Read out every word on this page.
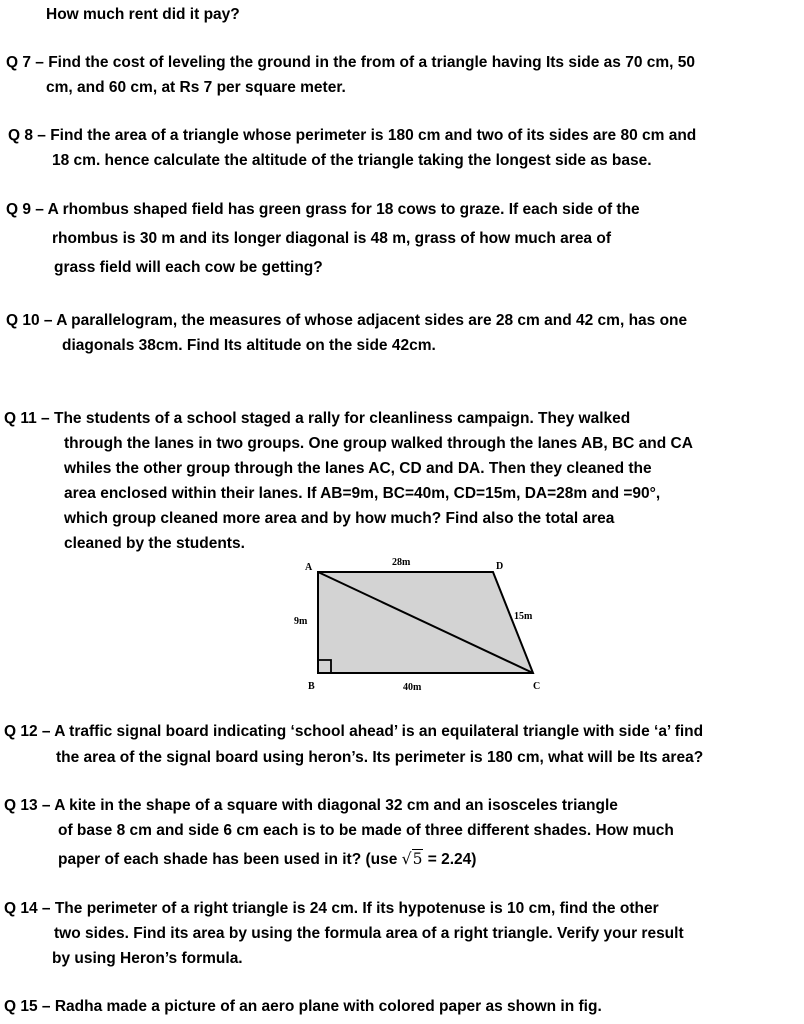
How much rent did it pay?
Q 7 – Find the cost of leveling the ground in the from of a triangle having Its side as 70 cm, 50
cm, and 60 cm, at Rs 7 per square meter.
Q 8 – Find the area of a triangle whose perimeter is 180 cm and two of its sides are 80 cm and
18 cm. hence calculate the altitude of the triangle taking the longest side as base.
Q 9 – A rhombus shaped field has green grass for 18 cows to graze. If each side of the
rhombus is 30 m and its longer diagonal is 48 m, grass of how much area of
grass field will each cow be getting?
Q 10 – A parallelogram, the measures of whose adjacent sides are 28 cm and 42 cm, has one
diagonals 38cm. Find Its altitude on the side 42cm.
Q 11 – The students of a school staged a rally for cleanliness campaign. They walked
through the lanes in two groups. One group walked through the lanes AB, BC and CA
whiles the other group through the lanes AC, CD and DA. Then they cleaned the
area enclosed within their lanes. If AB=9m, BC=40m, CD=15m, DA=28m and =90°,
which group cleaned more area and by how much? Find also the total area
cleaned by the students.
A	D
B	C
28m
9m	15m
40m
Q 12 – A traffic signal board indicating ‘school ahead’ is an equilateral triangle with side ‘a’ find
the area of the signal board using heron’s. Its perimeter is 180 cm, what will be Its area?
Q 13 – A kite in the shape of a square with diagonal 32 cm and an isosceles triangle
of base 8 cm and side 6 cm each is to be made of three different shades. How much
paper of each shade has been used in it? (use √5 = 2.24)
Q 14 – The perimeter of a right triangle is 24 cm. If its hypotenuse is 10 cm, find the other
two sides. Find its area by using the formula area of a right triangle. Verify your result
by using Heron’s formula.
Q 15 – Radha made a picture of an aero plane with colored paper as shown in fig.
